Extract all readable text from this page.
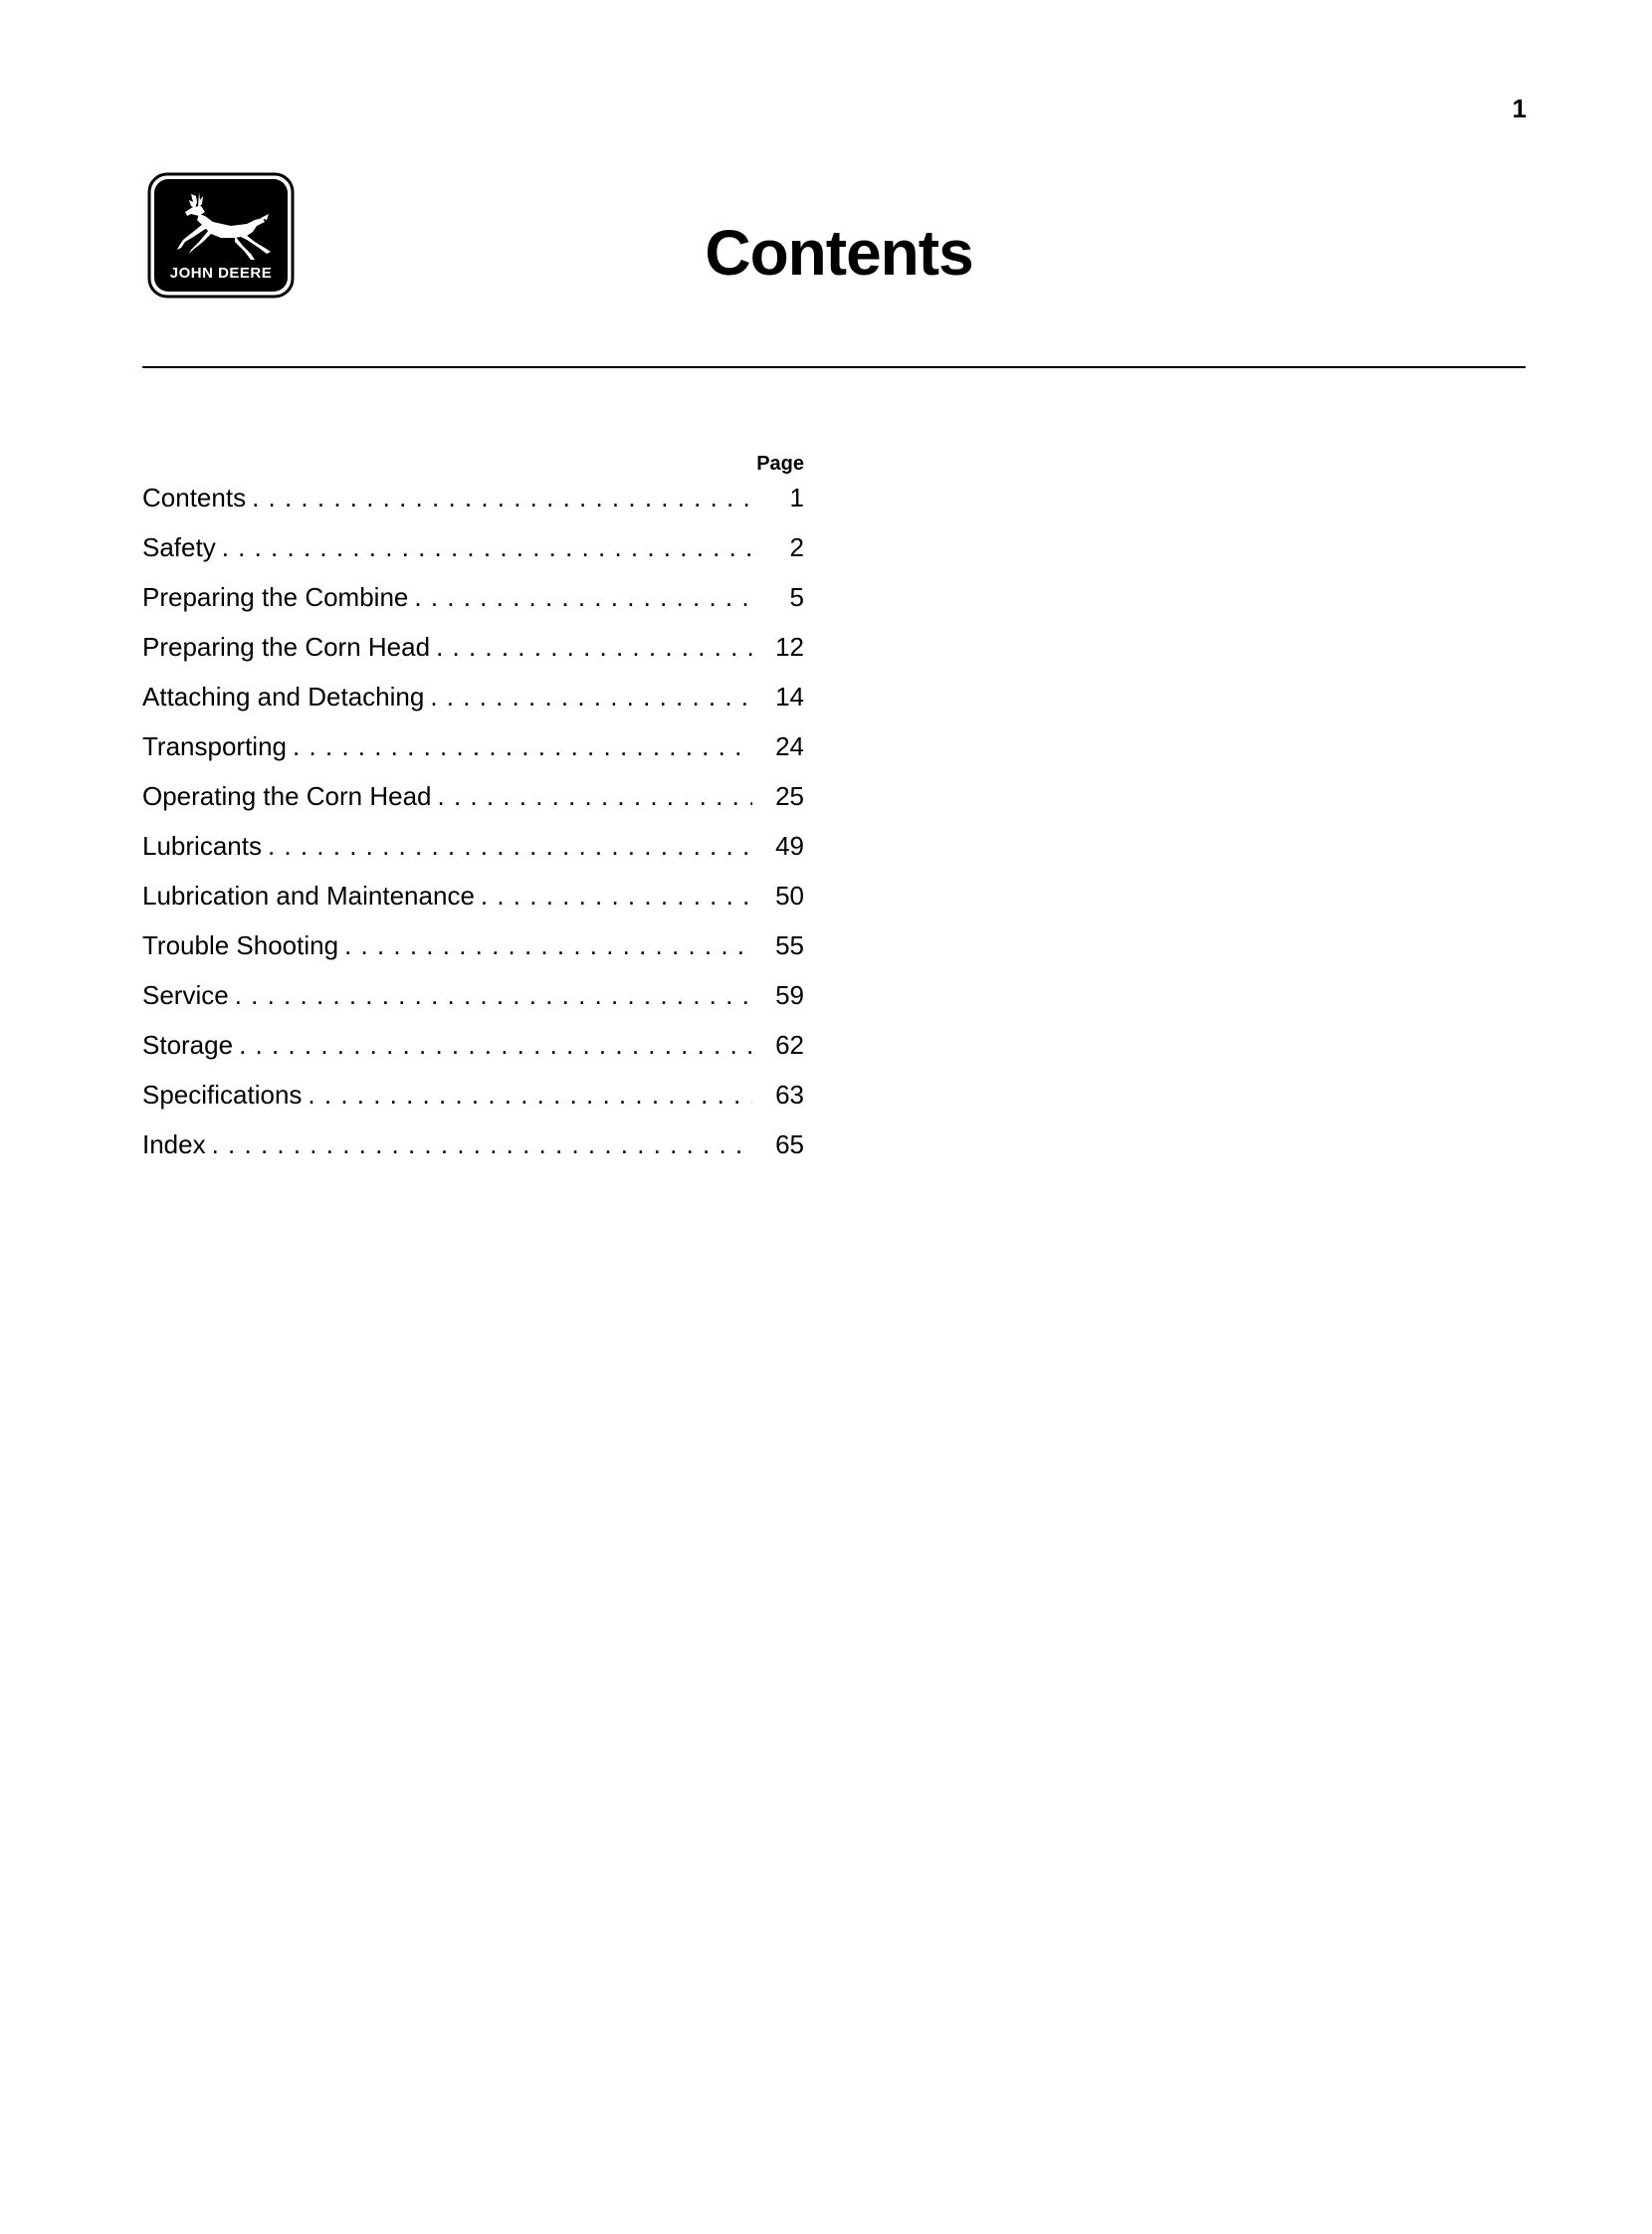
1
JOHN DEERE	Contents
Page
Contents . . .	1
Safety . . .	2
Preparing the Combine . . .	5
Preparing the Corn Head . . .	12
Attaching and Detaching . . .	14
Transporting . . .	24
Operating the Corn Head . . .	25
Lubricants . . .	49
Lubrication and Maintenance . . .	50
Trouble Shooting . . .	55
Service . . .	59
Storage . . .	62
Specifications . . .	63
Index . . .	65
